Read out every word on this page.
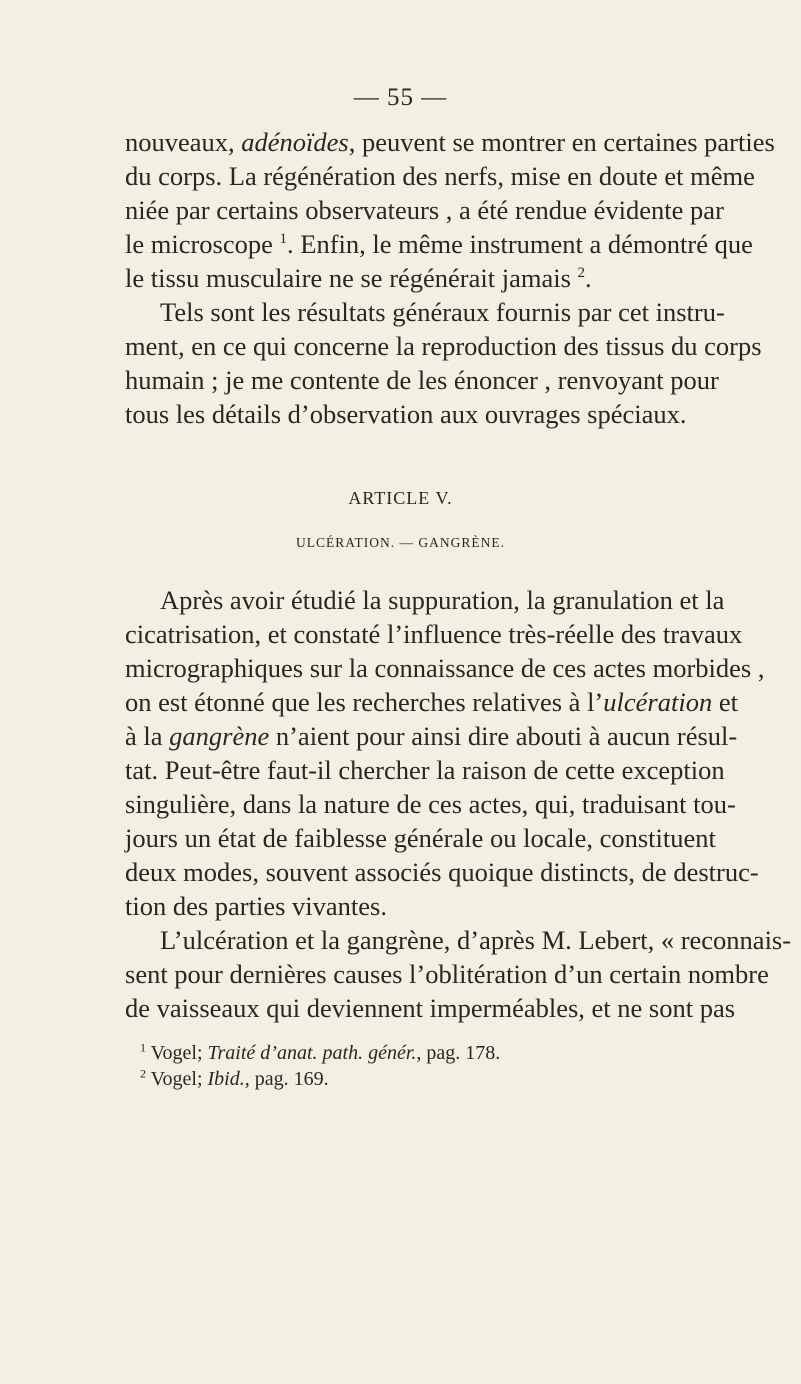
— 55 —
nouveaux, adénoïdes, peuvent se montrer en certaines parties
du corps. La régénération des nerfs, mise en doute et même
niée par certains observateurs , a été rendue évidente par
le microscope $^1$. Enfin, le même instrument a démontré que
le tissu musculaire ne se régénérait jamais $^2$.
Tels sont les résultats généraux fournis par cet instru-
ment, en ce qui concerne la reproduction des tissus du corps
humain ; je me contente de les énoncer , renvoyant pour
tous les détails d’observation aux ouvrages spéciaux.
ARTICLE V.
ULCÉRATION. — GANGRÈNE.
Après avoir étudié la suppuration, la granulation et la
cicatrisation, et constaté l’influence très-réelle des travaux
micrographiques sur la connaissance de ces actes morbides ,
on est étonné que les recherches relatives à l’ulcération et
à la gangrène n’aient pour ainsi dire abouti à aucun résul-
tat. Peut-être faut-il chercher la raison de cette exception
singulière, dans la nature de ces actes, qui, traduisant tou-
jours un état de faiblesse générale ou locale, constituent
deux modes, souvent associés quoique distincts, de destruc-
tion des parties vivantes.
L’ulcération et la gangrène, d’après M. Lebert, « reconnais-
sent pour dernières causes l’oblitération d’un certain nombre
de vaisseaux qui deviennent imperméables, et ne sont pas
$^1$ Vogel; Traité d’anat. path. génér., pag. 178.
$^2$ Vogel; Ibid., pag. 169.
